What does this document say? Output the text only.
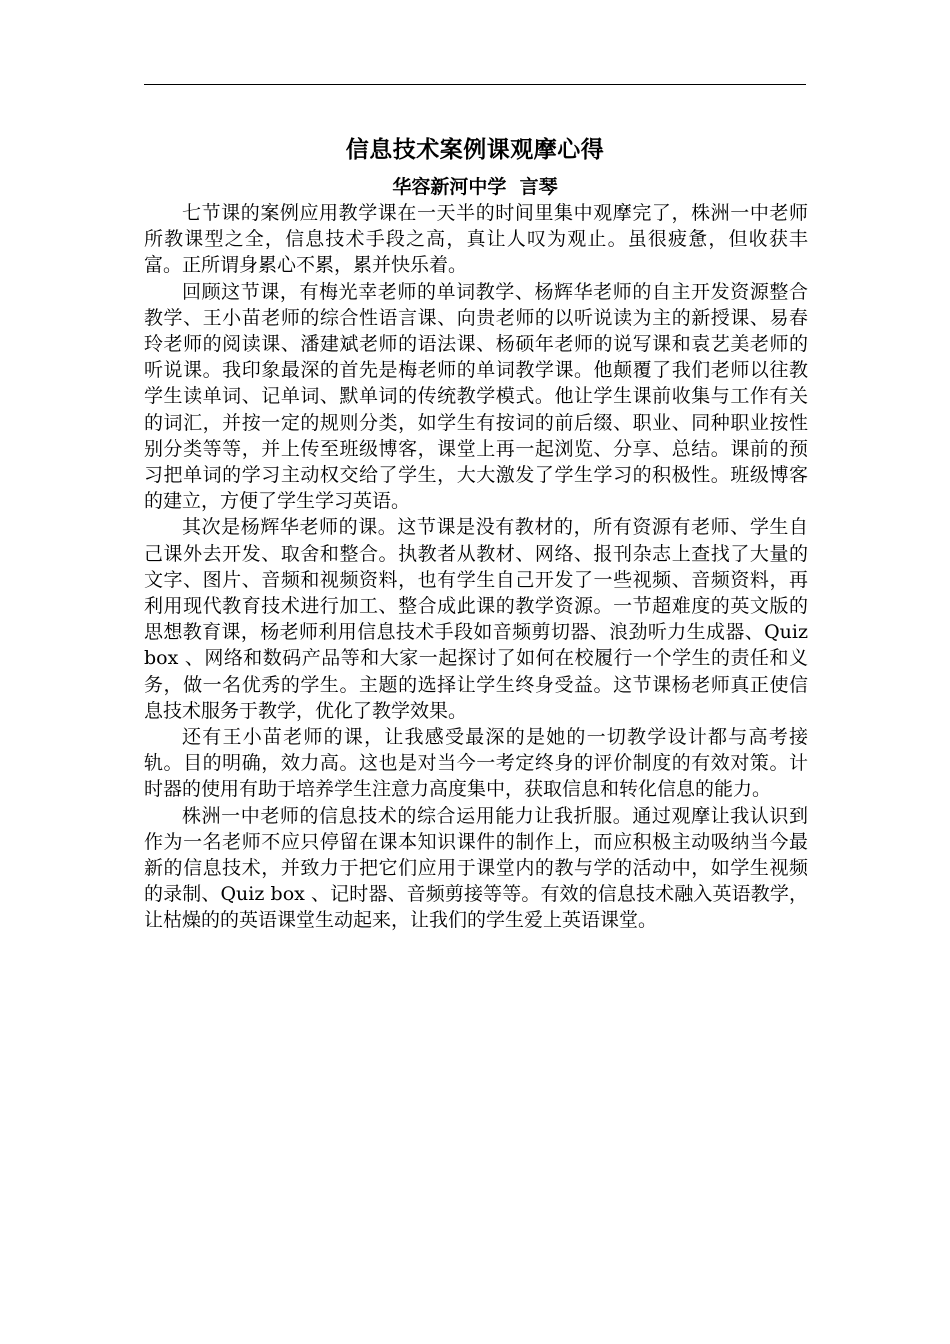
信息技术案例课观摩心得
华容新河中学  言琴

七节课的案例应用教学课在一天半的时间里集中观摩完了，株洲一中老师所教课型之全，信息技术手段之高，真让人叹为观止。虽很疲惫，但收获丰富。正所谓身累心不累，累并快乐着。

回顾这节课，有梅光幸老师的单词教学、杨辉华老师的自主开发资源整合教学、王小苗老师的综合性语言课、向贵老师的以听说读为主的新授课、易春玲老师的阅读课、潘建斌老师的语法课、杨硕年老师的说写课和袁艺美老师的听说课。我印象最深的首先是梅老师的单词教学课。他颠覆了我们老师以往教学生读单词、记单词、默单词的传统教学模式。他让学生课前收集与工作有关的词汇，并按一定的规则分类，如学生有按词的前后缀、职业、同种职业按性别分类等等，并上传至班级博客，课堂上再一起浏览、分享、总结。课前的预习把单词的学习主动权交给了学生，大大激发了学生学习的积极性。班级博客的建立，方便了学生学习英语。

其次是杨辉华老师的课。这节课是没有教材的，所有资源有老师、学生自己课外去开发、取舍和整合。执教者从教材、网络、报刊杂志上查找了大量的文字、图片、音频和视频资料，也有学生自己开发了一些视频、音频资料，再利用现代教育技术进行加工、整合成此课的教学资源。一节超难度的英文版的思想教育课，杨老师利用信息技术手段如音频剪切器、浪劲听力生成器、Quiz box 、网络和数码产品等和大家一起探讨了如何在校履行一个学生的责任和义务，做一名优秀的学生。主题的选择让学生终身受益。这节课杨老师真正使信息技术服务于教学，优化了教学效果。

还有王小苗老师的课，让我感受最深的是她的一切教学设计都与高考接轨。目的明确，效力高。这也是对当今一考定终身的评价制度的有效对策。计时器的使用有助于培养学生注意力高度集中，获取信息和转化信息的能力。

株洲一中老师的信息技术的综合运用能力让我折服。通过观摩让我认识到作为一名老师不应只停留在课本知识课件的制作上，而应积极主动吸纳当今最新的信息技术，并致力于把它们应用于课堂内的教与学的活动中，如学生视频的录制、Quiz box 、记时器、音频剪接等等。有效的信息技术融入英语教学，让枯燥的的英语课堂生动起来，让我们的学生爱上英语课堂。
